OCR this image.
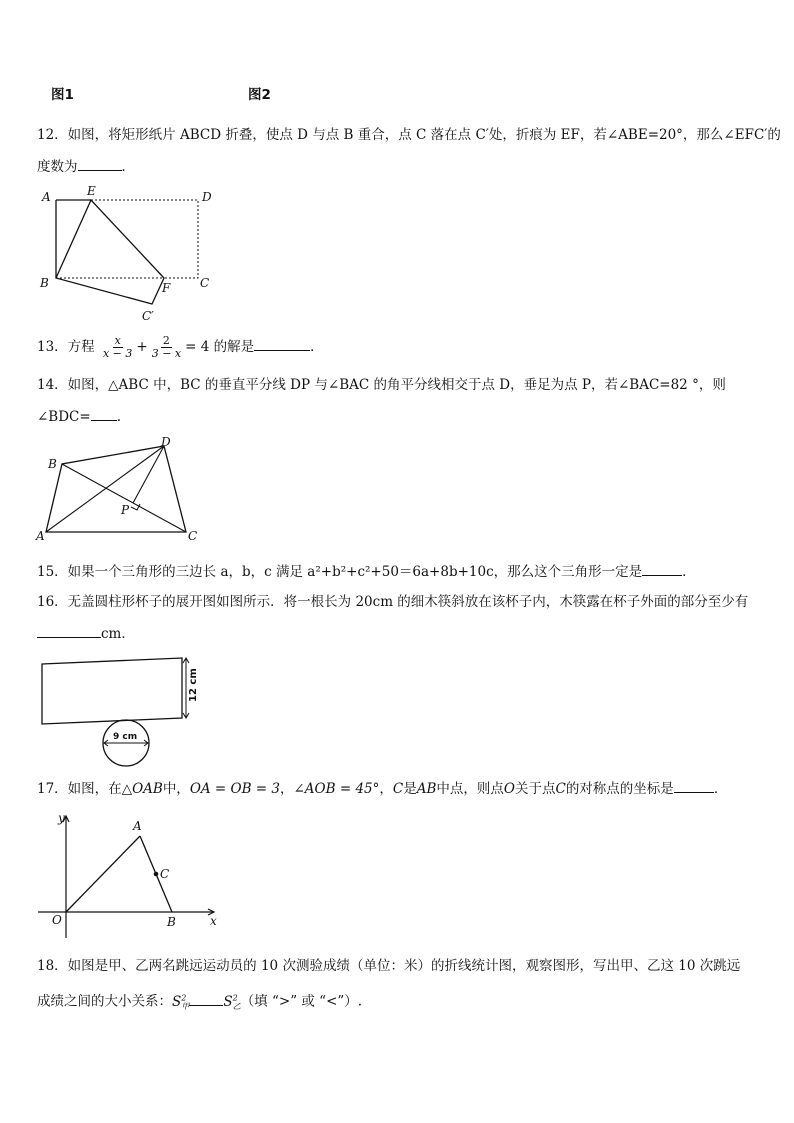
图1	图2
12．如图，将矩形纸片 ABCD 折叠，使点 D 与点 B 重合，点 C 落在点 C′处，折痕为 EF，若∠ABE=20°，那么∠EFC′的
度数为	．
A	E	D
B	F C
C′
13．方程 $\frac{x}{x - 3} + \frac{2}{3 - x} = 4$ 的解是	．
14．如图，△ABC 中，BC 的垂直平分线 DP 与∠BAC 的角平分线相交于点 D，垂足为点 P，若∠BAC=82 °，则
∠BDC= .
B
D
P
A	C
15．如果一个三角形的三边长 a，b，c 满足 a²+b²+c²+50＝6a+8b+10c，那么这个三角形一定是	．
16．无盖圆柱形杯子的展开图如图所示．将一根长为 20cm 的细木筷斜放在该杯子内，木筷露在杯子外面的部分至少有
cm．
12 cm
9 cm
17．如图，在△OAB中，OA = OB = 3，∠AOB = 45°，C是AB中点，则点O关于点C的对称点的坐标是	．
y
x
A
C
O	B
18．如图是甲、乙两名跳远运动员的 10 次测验成绩（单位：米）的折线统计图，观察图形，写出甲、乙这 10 次跳远
成绩之间的大小关系：$S^2_甲$	$S^2_乙$（填 “>” 或 “<”）.
